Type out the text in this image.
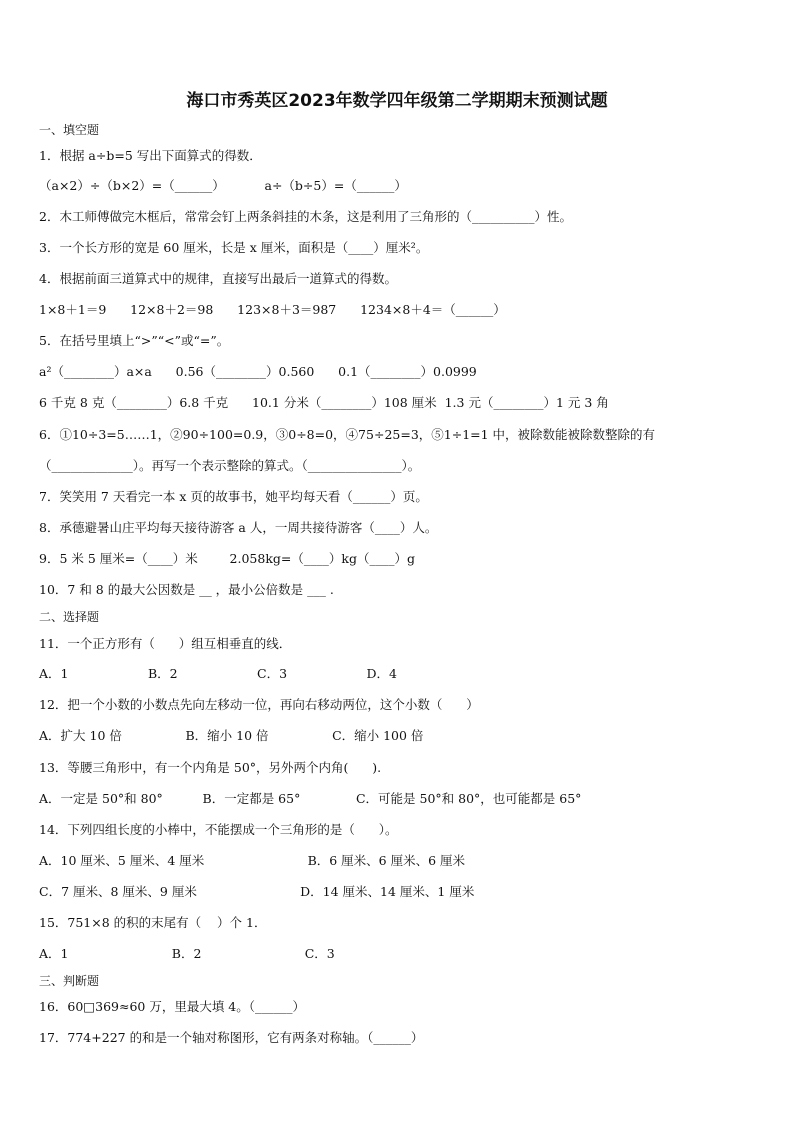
海口市秀英区2023年数学四年级第二学期期末预测试题
一、填空题
1．根据 a÷b=5 写出下面算式的得数．
（a×2）÷（b×2）=（______）          a÷（b÷5）=（______）
2．木工师傅做完木框后，常常会钉上两条斜挂的木条，这是利用了三角形的（__________）性。
3．一个长方形的宽是 60 厘米，长是 x 厘米，面积是（____）厘米²。
4．根据前面三道算式中的规律，直接写出最后一道算式的得数。
1×8＋1＝9      12×8＋2＝98      123×8＋3＝987      1234×8＋4＝（______）
5．在括号里填上“>”“<”或“=”。
a²（________）a×a      0.56（________）0.560      0.1（________）0.0999
6 千克 8 克（________）6.8 千克      10.1 分米（________）108 厘米  1.3 元（________）1 元 3 角
6．①10÷3=5……1，②90÷100=0.9，③0÷8=0，④75÷25=3，⑤1÷1=1 中，被除数能被除数整除的有
（_____________）。再写一个表示整除的算式。（_______________）。
7．笑笑用 7 天看完一本 x 页的故事书，她平均每天看（______）页。
8．承德避暑山庄平均每天接待游客 a 人，一周共接待游客（____）人。
9．5 米 5 厘米=（____）米        2.058kg=（____）kg（____）g
10．7 和 8 的最大公因数是 __ ，最小公倍数是 ___ .
二、选择题
11．一个正方形有（      ）组互相垂直的线．
A．1                    B．2                    C．3                    D．4
12．把一个小数的小数点先向左移动一位，再向右移动两位，这个小数（      ）
A．扩大 10 倍                B．缩小 10 倍                C．缩小 100 倍
13．等腰三角形中，有一个内角是 50°，另外两个内角(      ).
A．一定是 50°和 80°          B．一定都是 65°              C．可能是 50°和 80°，也可能都是 65°
14．下列四组长度的小棒中，不能摆成一个三角形的是（      ）。
A．10 厘米、5 厘米、4 厘米                          B．6 厘米、6 厘米、6 厘米
C．7 厘米、8 厘米、9 厘米                          D．14 厘米、14 厘米、1 厘米
15．751×8 的积的末尾有（    ）个 1．
A．1                          B．2                          C．3
三、判断题
16．60□369≈60 万，里最大填 4。（______）
17．774+227 的和是一个轴对称图形，它有两条对称轴。（______）
